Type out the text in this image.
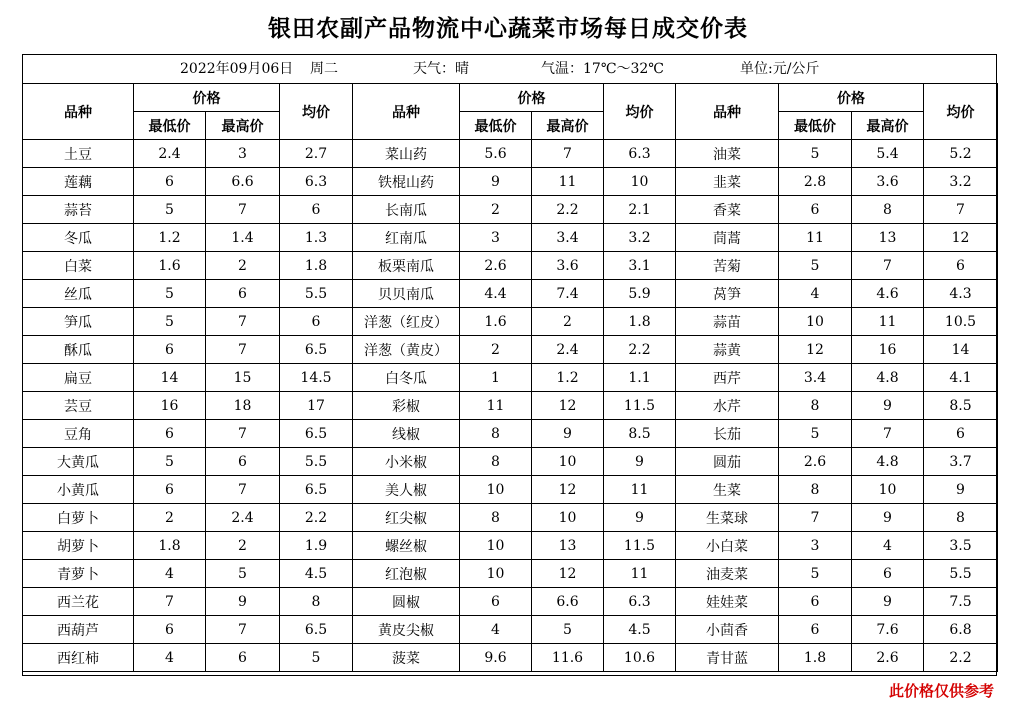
银田农副产品物流中心蔬菜市场每日成交价表
2022年09月06日 周二	天气：晴	气温：17℃～32℃	单位:元/公斤
品种	价格		均价	品种	价格		均价	品种	价格		均价
	最低价	最高价			最低价	最高价			最低价	最高价	
土豆	2.4	3	2.7	菜山药	5.6	7	6.3	油菜	5	5.4	5.2
莲藕	6	6.6	6.3	铁棍山药	9	11	10	韭菜	2.8	3.6	3.2
蒜苔	5	7	6	长南瓜	2	2.2	2.1	香菜	6	8	7
冬瓜	1.2	1.4	1.3	红南瓜	3	3.4	3.2	茼蒿	11	13	12
白菜	1.6	2	1.8	板栗南瓜	2.6	3.6	3.1	苦菊	5	7	6
丝瓜	5	6	5.5	贝贝南瓜	4.4	7.4	5.9	莴笋	4	4.6	4.3
笋瓜	5	7	6	洋葱（红皮）	1.6	2	1.8	蒜苗	10	11	10.5
酥瓜	6	7	6.5	洋葱（黄皮）	2	2.4	2.2	蒜黄	12	16	14
扁豆	14	15	14.5	白冬瓜	1	1.2	1.1	西芹	3.4	4.8	4.1
芸豆	16	18	17	彩椒	11	12	11.5	水芹	8	9	8.5
豆角	6	7	6.5	线椒	8	9	8.5	长茄	5	7	6
大黄瓜	5	6	5.5	小米椒	8	10	9	圆茄	2.6	4.8	3.7
小黄瓜	6	7	6.5	美人椒	10	12	11	生菜	8	10	9
白萝卜	2	2.4	2.2	红尖椒	8	10	9	生菜球	7	9	8
胡萝卜	1.8	2	1.9	螺丝椒	10	13	11.5	小白菜	3	4	3.5
青萝卜	4	5	4.5	红泡椒	10	12	11	油麦菜	5	6	5.5
西兰花	7	9	8	圆椒	6	6.6	6.3	娃娃菜	6	9	7.5
西葫芦	6	7	6.5	黄皮尖椒	4	5	4.5	小茴香	6	7.6	6.8
西红柿	4	6	5	菠菜	9.6	11.6	10.6	青甘蓝	1.8	2.6	2.2
此价格仅供参考
